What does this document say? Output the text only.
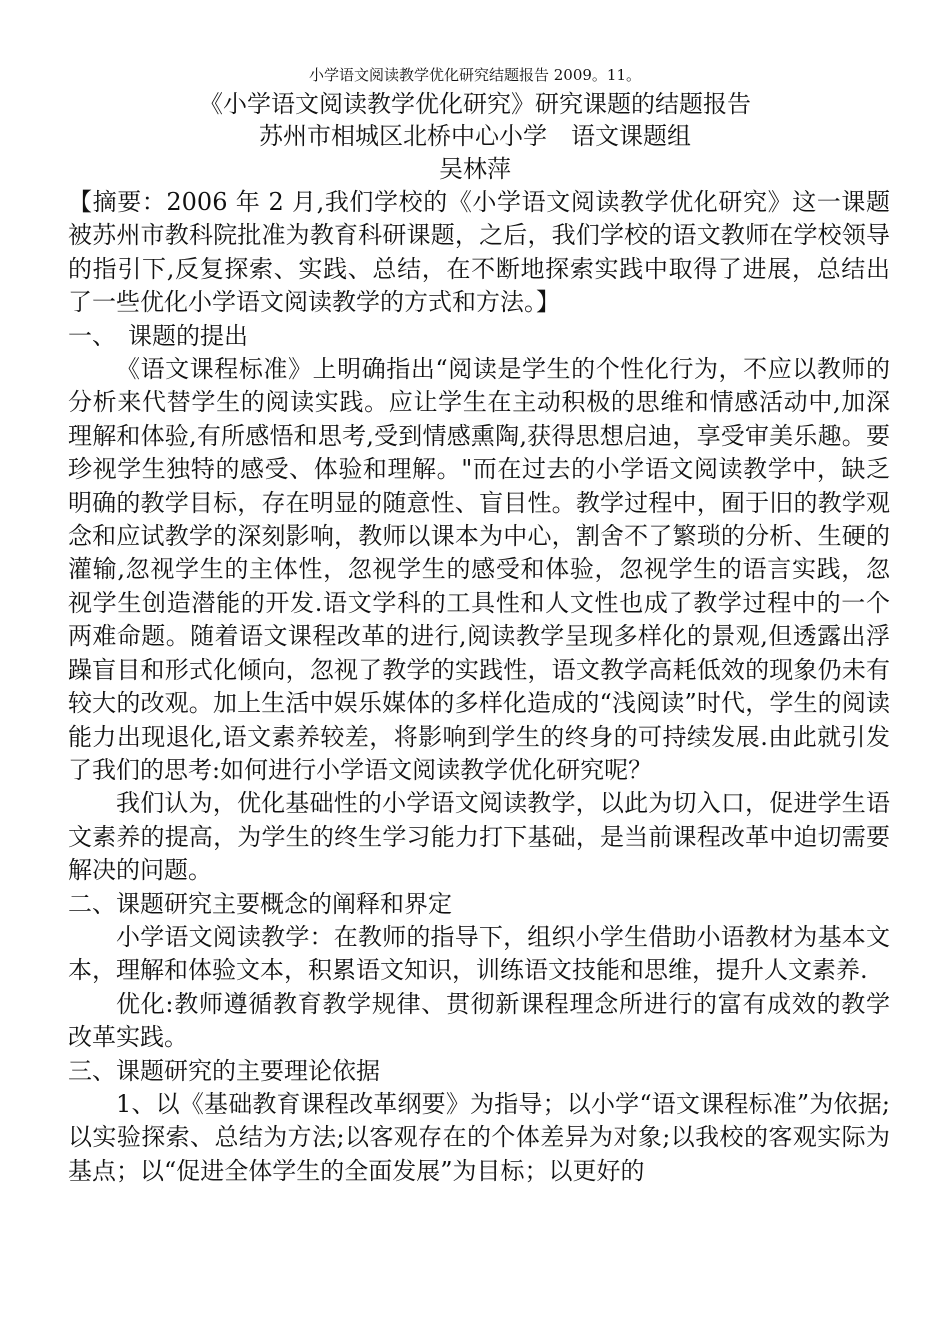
小学语文阅读教学优化研究结题报告 2009。11。
《小学语文阅读教学优化研究》研究课题的结题报告
苏州市相城区北桥中心小学　语文课题组
吴林萍

【摘要：2006 年 2 月,我们学校的《小学语文阅读教学优化研究》这一课题被苏州市教科院批准为教育科研课题，之后，我们学校的语文教师在学校领导的指引下,反复探索、实践、总结，在不断地探索实践中取得了进展，总结出了一些优化小学语文阅读教学的方式和方法。】

一、　课题的提出

《语文课程标准》上明确指出“阅读是学生的个性化行为，不应以教师的分析来代替学生的阅读实践。应让学生在主动积极的思维和情感活动中,加深理解和体验,有所感悟和思考,受到情感熏陶,获得思想启迪，享受审美乐趣。要珍视学生独特的感受、体验和理解。"而在过去的小学语文阅读教学中，缺乏明确的教学目标，存在明显的随意性、盲目性。教学过程中，囿于旧的教学观念和应试教学的深刻影响，教师以课本为中心，割舍不了繁琐的分析、生硬的灌输,忽视学生的主体性，忽视学生的感受和体验，忽视学生的语言实践，忽视学生创造潜能的开发.语文学科的工具性和人文性也成了教学过程中的一个两难命题。随着语文课程改革的进行,阅读教学呈现多样化的景观,但透露出浮躁盲目和形式化倾向，忽视了教学的实践性，语文教学高耗低效的现象仍未有较大的改观。加上生活中娱乐媒体的多样化造成的“浅阅读”时代，学生的阅读能力出现退化,语文素养较差，将影响到学生的终身的可持续发展.由此就引发了我们的思考:如何进行小学语文阅读教学优化研究呢？

我们认为，优化基础性的小学语文阅读教学，以此为切入口，促进学生语文素养的提高，为学生的终生学习能力打下基础，是当前课程改革中迫切需要解决的问题。

二、课题研究主要概念的阐释和界定

小学语文阅读教学：在教师的指导下，组织小学生借助小语教材为基本文本，理解和体验文本，积累语文知识，训练语文技能和思维，提升人文素养.

优化:教师遵循教育教学规律、贯彻新课程理念所进行的富有成效的教学改革实践。

三、课题研究的主要理论依据

1、以《基础教育课程改革纲要》为指导；以小学“语文课程标准”为依据;以实验探索、总结为方法;以客观存在的个体差异为对象;以我校的客观实际为基点；以“促进全体学生的全面发展”为目标；以更好的
